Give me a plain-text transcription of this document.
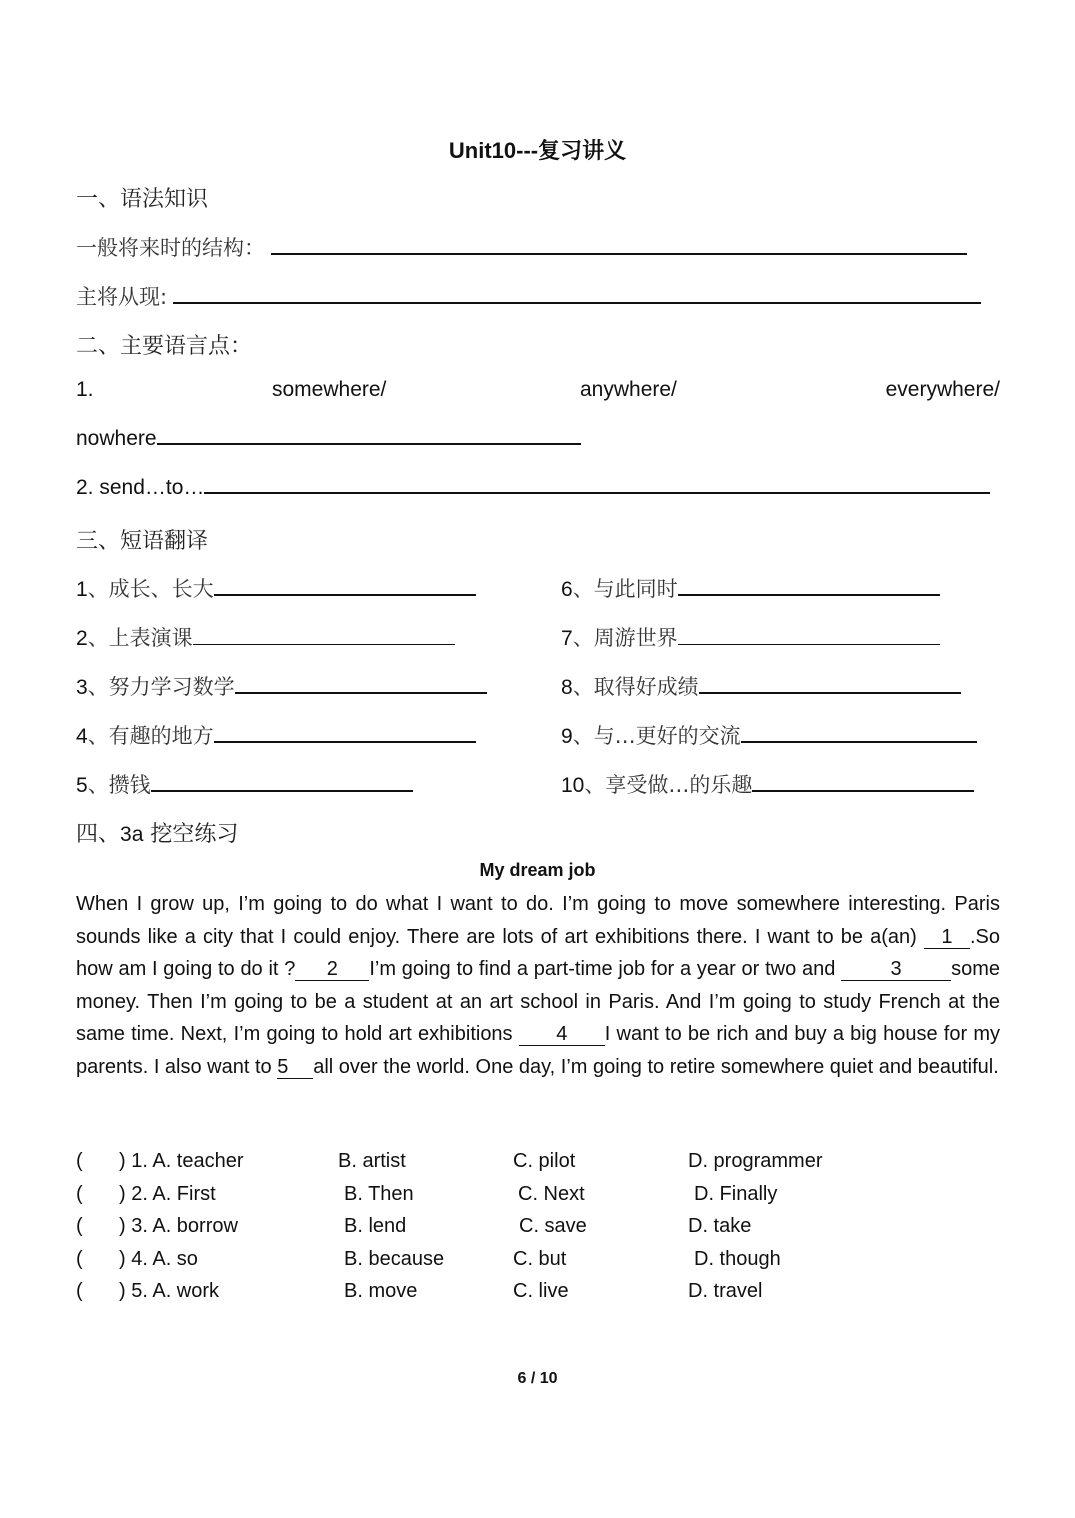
Unit10---复习讲义
一、语法知识
一般将来时的结构：
主将从现:
二、主要语言点：
1.	somewhere/	anywhere/	everywhere/
nowhere
2. send…to…
三、短语翻译
1、成长、长大
2、上表演课
3、努力学习数学
4、有趣的地方
5、攒钱
6、与此同时
7、周游世界
8、取得好成绩
9、与…更好的交流
10、享受做…的乐趣
四、3a 挖空练习
My dream job
When I grow up, I’m going to do what I want to do. I’m going to move somewhere interesting. Paris sounds like a city that I could enjoy. There are lots of art exhibitions there. I want to be a(an) 1 .So how am I going to do it ? 2 I’m going to find a part-time job for a year or two and 3 some money. Then I’m going to be a student at an art school in Paris. And I’m going to study French at the same time. Next, I’m going to hold art exhibitions 4 I want to be rich and buy a big house for my parents. I also want to 5 all over the world. One day, I’m going to retire somewhere quiet and beautiful.
( ) 1. A. teacher	B. artist	C. pilot	D. programmer
( ) 2. A. First	B. Then	C. Next	D. Finally
( ) 3. A. borrow	B. lend	C. save	D. take
( ) 4. A. so	B. because	C. but	D. though
( ) 5. A. work	B. move	C. live	D. travel
6 / 10
